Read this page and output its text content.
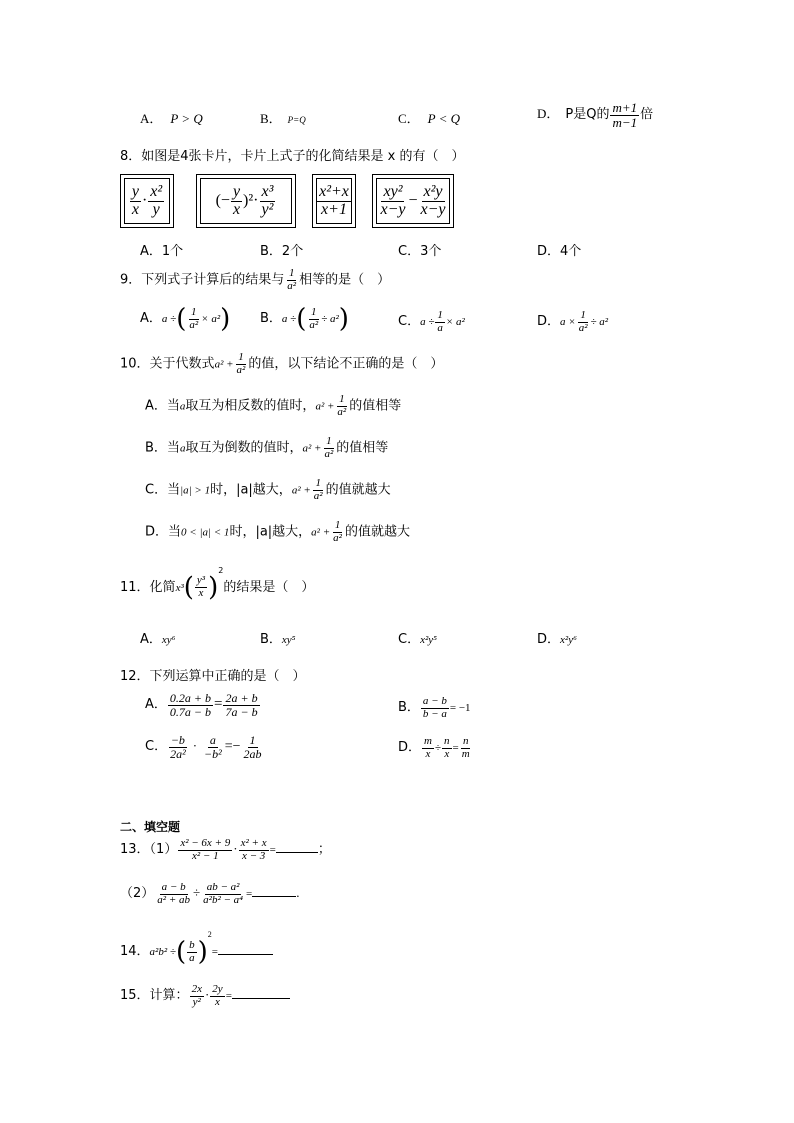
A． P > Q	B． P=Q	C． P < Q	D． P是Q的 $\frac{m+1}{m-1}$ 倍
8．如图是4张卡片，卡片上式子的化简结果是 x 的有（　）
$\frac{y}{x} \cdot \frac{\text{x²}}{y}$	(− $\frac{y}{x} )^2\cdot \frac{\text{x³}}{\text{y²}}$	$\frac{\text{x²+x}}{x+1} \frac{\text{xy²}}{x-y} - \frac{\text{x²y}}{x-y}$
A．1个	B．2个	C．3个	D．4个
9．下列式子计算后的结果与 $\frac{1}{\text{a²}}$ 相等的是（　）
A．a ÷( $\frac{1}{\text{a²}} \times a^2$) B．a ÷( $\frac{1}{\text{a²}} \div a^2$)	C．$a \div \frac{1}{a} \times a^2$	D．$a \times \frac{1}{\text{a²}} \div a^2$
10．关于代数式$a^2 + \frac{1}{\text{a²}}$ 的值，以下结论不正确的是（　）
A．当a取互为相反数的值时，$a^2 + \frac{1}{\text{a²}}$ 的值相等
B．当a取互为倒数的值时，$a^2 + \frac{1}{\text{a²}}$ 的值相等
C．当|a| > 1时，|a|越大，$a^2 + \frac{1}{\text{a²}}$ 的值就越大
D．当0 < |a| < 1时，|a|越大，$a^2 + \frac{1}{\text{a²}}$ 的值就越大
11．化简$x^3( \frac{\text{y³}}{x} )^2$的结果是（　）
A．xy⁶	B．xy⁵	C．x²y⁵	D．x²y⁶
12．下列运算中正确的是（　）
A． $\frac{0.2a + b}{0.7a - b} = \frac{2a + b}{7a - b}$	B． $\frac{a - b}{b - a} = -1$
C． $\frac{-b}{\text{2a²}} \cdot \frac{a}{\text{−b²}} =- \frac{1}{2ab}$	D． $\frac{m}{x} \div \frac{n}{x} = \frac{n}{m}$
二、填空题
13．$(1) \frac{\text{x² − 6x + 9}}{\text{x² − 1}} \cdot \frac{\text{x² + x}}{x - 3}$ =	；
$(2) \frac{a - b}{\text{a² + ab}} \div \frac{\text{ab − a²}}{\text{a²b² − a⁴}}$ =	.
14．a²b² ÷( $\frac{b}{a} )^2=$
15．计算： $\frac{2x}{\text{y²}} \cdot \frac{2y}{x}$ =
